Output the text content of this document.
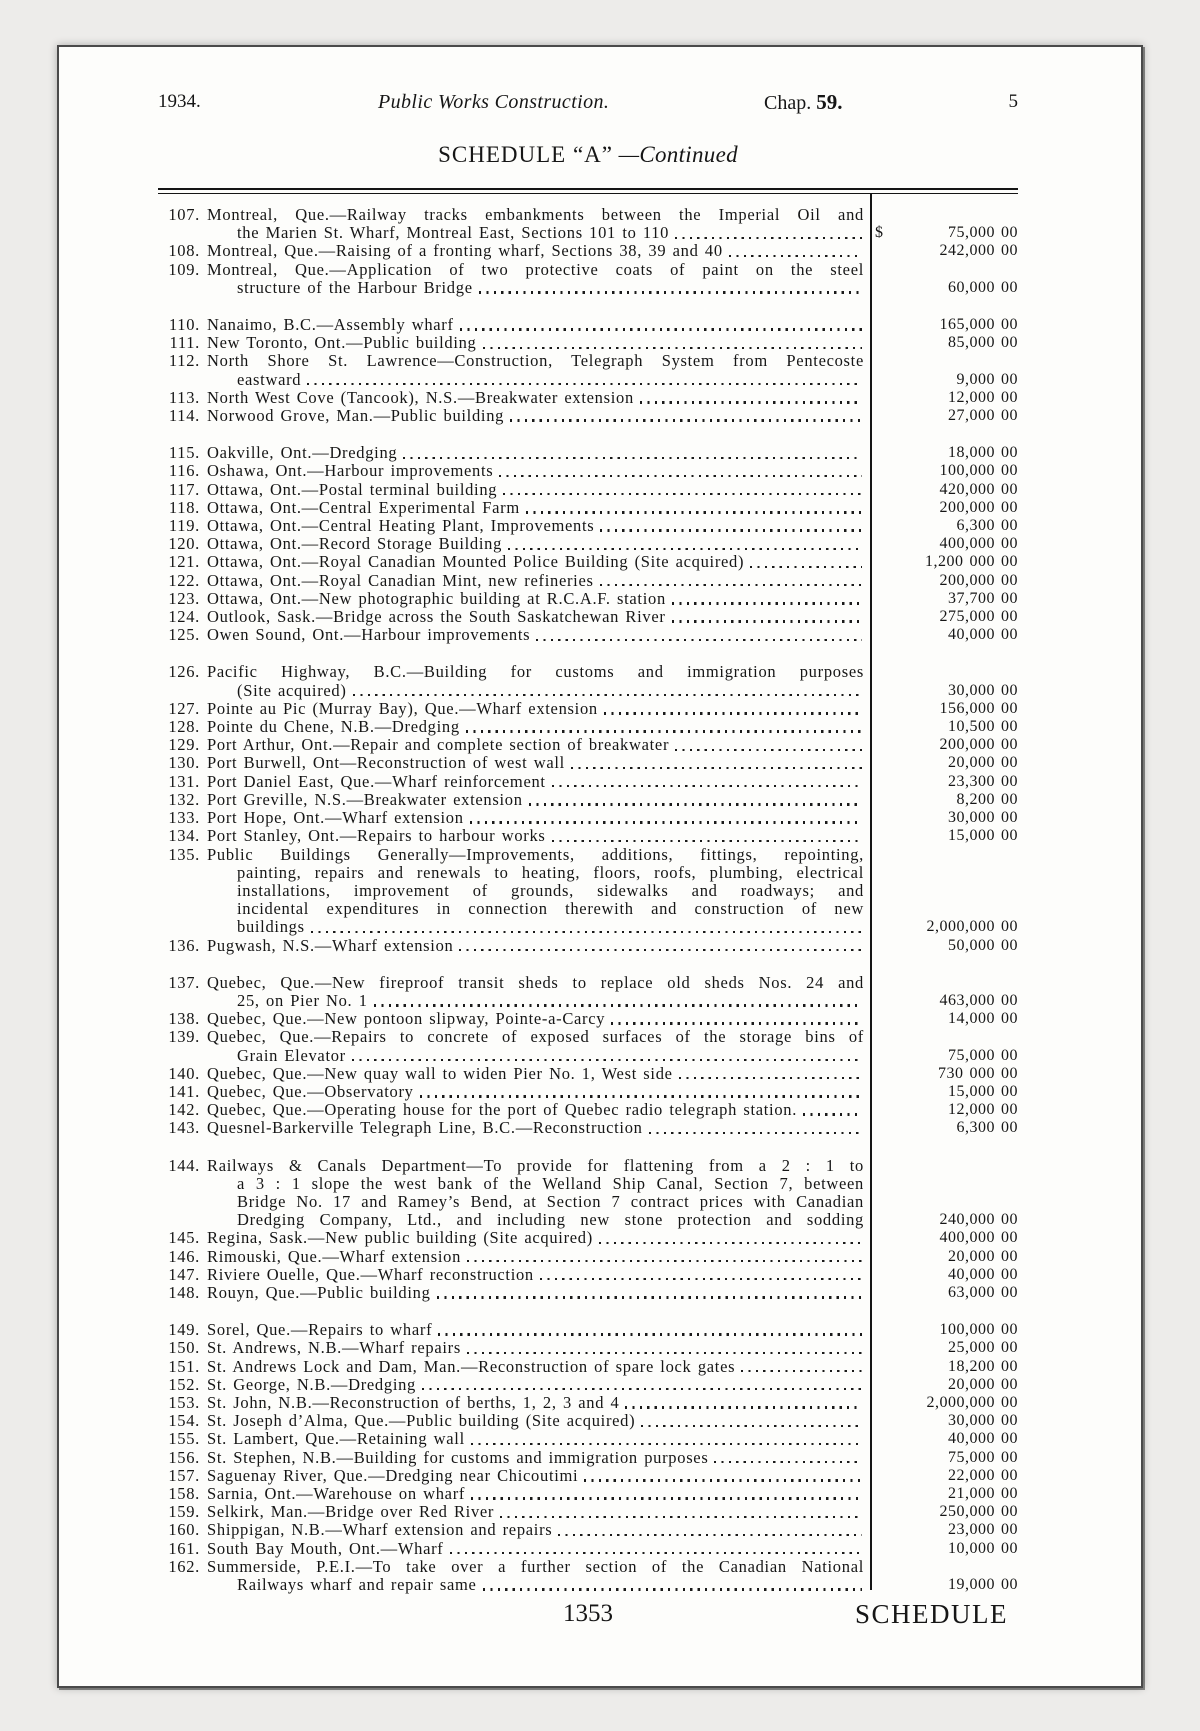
1934.	Public Works Construction.	Chap. 59.	5
SCHEDULE “A”  —Continued
107. Montreal, Que.—Railway tracks embankments between the Imperial Oil and
the Marien St. Wharf, Montreal East, Sections 101 to 110	$	75,000 00
108. Montreal, Que.—Raising of a fronting wharf, Sections 38, 39 and 40	242,000 00
109. Montreal, Que.—Application of two protective coats of paint on the steel
structure of the Harbour Bridge	60,000 00
110. Nanaimo, B.C.—Assembly wharf	165,000 00
111. New Toronto, Ont.—Public building	85,000 00
112. North Shore St. Lawrence—Construction, Telegraph System from Pentecoste
eastward	9,000 00
113. North West Cove (Tancook), N.S.—Breakwater extension	12,000 00
114. Norwood Grove, Man.—Public building	27,000 00
115. Oakville, Ont.—Dredging	18,000 00
116. Oshawa, Ont.—Harbour improvements	100,000 00
117. Ottawa, Ont.—Postal terminal building	420,000 00
118. Ottawa, Ont.—Central Experimental Farm	200,000 00
119. Ottawa, Ont.—Central Heating Plant, Improvements	6,300 00
120. Ottawa, Ont.—Record Storage Building	400,000 00
121. Ottawa, Ont.—Royal Canadian Mounted Police Building (Site acquired)	1,200 000 00
122. Ottawa, Ont.—Royal Canadian Mint, new refineries	200,000 00
123. Ottawa, Ont.—New photographic building at R.C.A.F. station	37,700 00
124. Outlook, Sask.—Bridge across the South Saskatchewan River	275,000 00
125. Owen Sound, Ont.—Harbour improvements	40,000 00
126. Pacific Highway, B.C.—Building for customs and immigration purposes
(Site acquired)	30,000 00
127. Pointe au Pic (Murray Bay), Que.—Wharf extension	156,000 00
128. Pointe du Chene, N.B.—Dredging	10,500 00
129. Port Arthur, Ont.—Repair and complete section of breakwater	200,000 00
130. Port Burwell, Ont—Reconstruction of west wall	20,000 00
131. Port Daniel East, Que.—Wharf reinforcement	23,300 00
132. Port Greville, N.S.—Breakwater extension	8,200 00
133. Port Hope, Ont.—Wharf extension	30,000 00
134. Port Stanley, Ont.—Repairs to harbour works	15,000 00
135. Public Buildings Generally—Improvements, additions, fittings, repointing,
painting, repairs and renewals to heating, floors, roofs, plumbing, electrical
installations, improvement of grounds, sidewalks and roadways; and
incidental expenditures in connection therewith and construction of new
buildings	2,000,000 00
136. Pugwash, N.S.—Wharf extension	50,000 00
137. Quebec, Que.—New fireproof transit sheds to replace old sheds Nos. 24 and
25, on Pier No. 1	463,000 00
138. Quebec, Que.—New pontoon slipway, Pointe-a-Carcy	14,000 00
139. Quebec, Que.—Repairs to concrete of exposed surfaces of the storage bins of
Grain Elevator	75,000 00
140. Quebec, Que.—New quay wall to widen Pier No. 1, West side	730 000 00
141. Quebec, Que.—Observatory	15,000 00
142. Quebec, Que.—Operating house for the port of Quebec radio telegraph station.	12,000 00
143. Quesnel-Barkerville Telegraph Line, B.C.—Reconstruction	6,300 00
144. Railways & Canals Department—To provide for flattening from a 2 : 1 to
a 3 : 1 slope the west bank of the Welland Ship Canal, Section 7, between
Bridge No. 17 and Ramey’s Bend, at Section 7 contract prices with Canadian
Dredging Company, Ltd., and including new stone protection and sodding	240,000 00
145. Regina, Sask.—New public building (Site acquired)	400,000 00
146. Rimouski, Que.—Wharf extension	20,000 00
147. Riviere Ouelle, Que.—Wharf reconstruction	40,000 00
148. Rouyn, Que.—Public building	63,000 00
149. Sorel, Que.—Repairs to wharf	100,000 00
150. St. Andrews, N.B.—Wharf repairs	25,000 00
151. St. Andrews Lock and Dam, Man.—Reconstruction of spare lock gates	18,200 00
152. St. George, N.B.—Dredging	20,000 00
153. St. John, N.B.—Reconstruction of berths, 1, 2, 3 and 4	2,000,000 00
154. St. Joseph d’Alma, Que.—Public building (Site acquired)	30,000 00
155. St. Lambert, Que.—Retaining wall	40,000 00
156. St. Stephen, N.B.—Building for customs and immigration purposes	75,000 00
157. Saguenay River, Que.—Dredging near Chicoutimi	22,000 00
158. Sarnia, Ont.—Warehouse on wharf	21,000 00
159. Selkirk, Man.—Bridge over Red River	250,000 00
160. Shippigan, N.B.—Wharf extension and repairs	23,000 00
161. South Bay Mouth, Ont.—Wharf	10,000 00
162. Summerside, P.E.I.—To take over a further section of the Canadian National
Railways wharf and repair same	19,000 00
1353	SCHEDULE
